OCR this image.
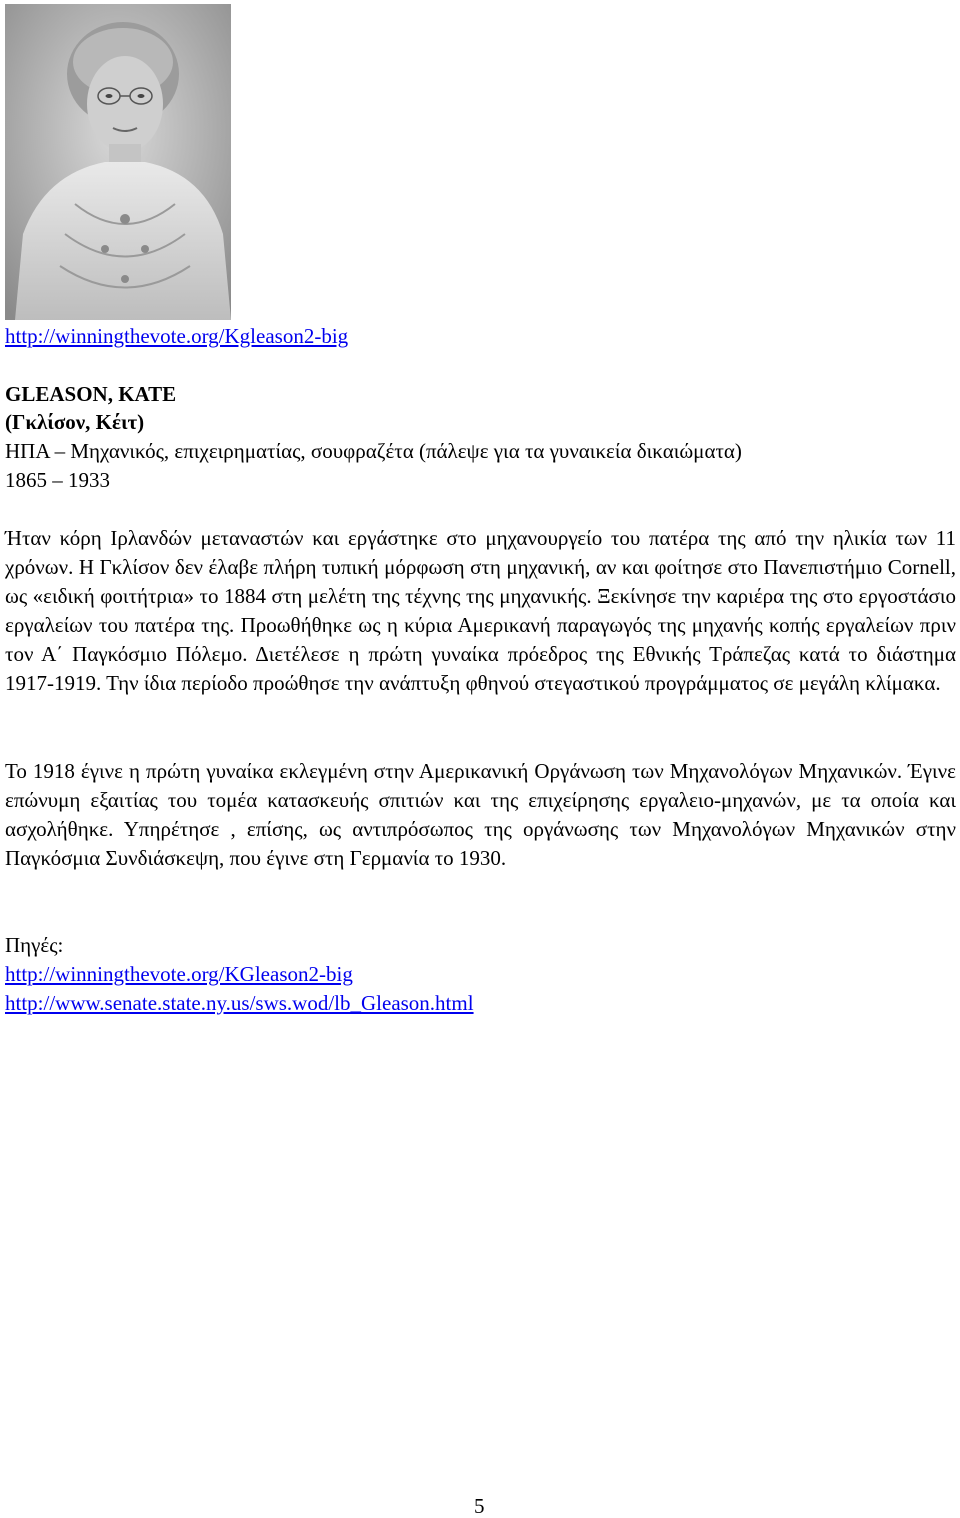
http://winningthevote.org/Kgleason2-big
GLEASON, KATE
(Γκλίσον, Κέιτ)
ΗΠΑ – Μηχανικός, επιχειρηματίας, σουφραζέτα (πάλεψε για τα γυναικεία δικαιώματα)
1865 – 1933
Ήταν κόρη Ιρλανδών μεταναστών και εργάστηκε στο μηχανουργείο του πατέρα της από την ηλικία των 11 χρόνων. Η Γκλίσον δεν έλαβε πλήρη τυπική μόρφωση στη μηχανική, αν και φοίτησε στο Πανεπιστήμιο Cornell, ως «ειδική φοιτήτρια» το 1884 στη μελέτη της τέχνης της μηχανικής. Ξεκίνησε την καριέρα της στο εργοστάσιο εργαλείων του πατέρα της. Προωθήθηκε ως η κύρια Αμερικανή παραγωγός της μηχανής κοπής εργαλείων πριν τον Α΄ Παγκόσμιο Πόλεμο. Διετέλεσε η πρώτη γυναίκα πρόεδρος της Εθνικής Τράπεζας κατά το διάστημα 1917-1919. Την ίδια περίοδο προώθησε την ανάπτυξη φθηνού στεγαστικού προγράμματος σε μεγάλη κλίμακα.
Το 1918 έγινε η πρώτη γυναίκα εκλεγμένη στην Αμερικανική Οργάνωση των Μηχανολόγων Μηχανικών. Έγινε επώνυμη εξαιτίας του τομέα κατασκευής σπιτιών και της επιχείρησης εργαλειο-μηχανών, με τα οποία και ασχολήθηκε. Υπηρέτησε , επίσης, ως αντιπρόσωπος της οργάνωσης των Μηχανολόγων Μηχανικών στην Παγκόσμια Συνδιάσκεψη, που έγινε στη Γερμανία το 1930.
Πηγές:
http://winningthevote.org/KGleason2-big
http://www.senate.state.ny.us/sws.wod/lb_Gleason.html
5
